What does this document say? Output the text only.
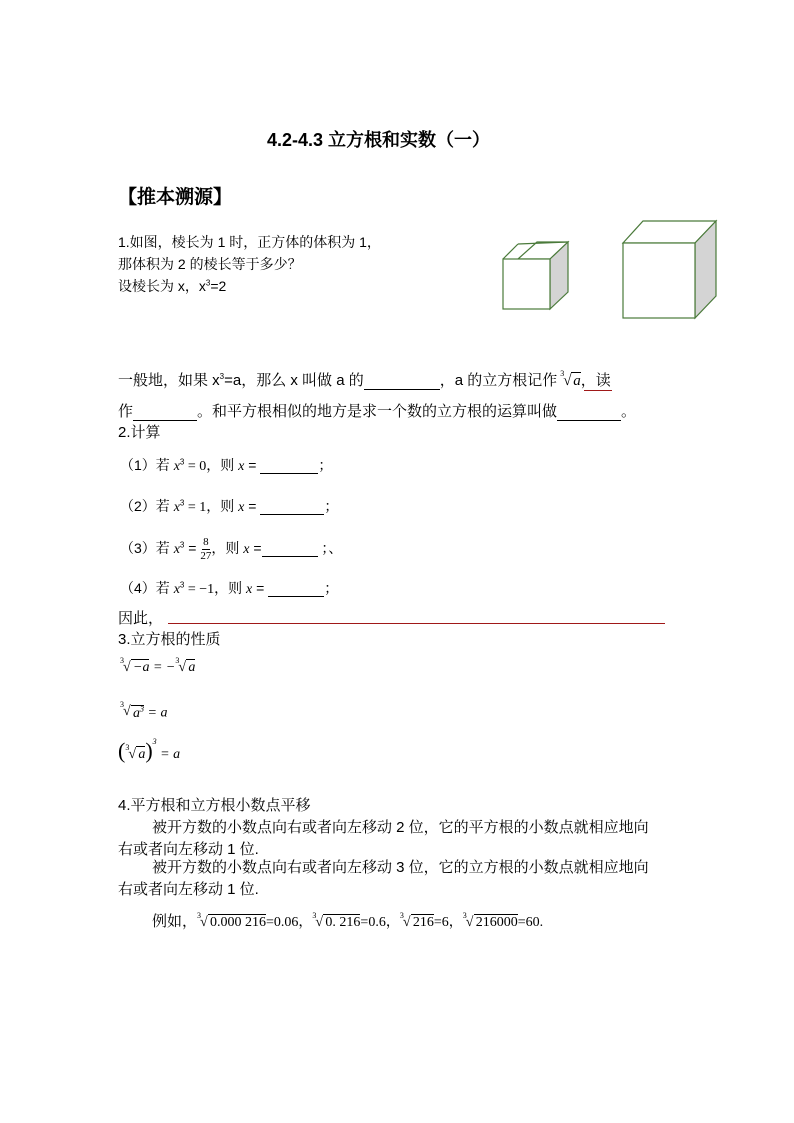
4.2-4.3 立方根和实数（一）
【推本溯源】
1.如图，棱长为 1 时，正方体的体积为 1，
那体积为 2 的棱长等于多少？
设棱长为 x，$x^3=2$
一般地，如果 $x^3=a$，那么 x 叫做 a 的	，a 的立方根记作 3 √ a，读
作	。和平方根相似的地方是求一个数的立方根的运算叫做	。
2.计算
（1）若 $x^3 = 0$，则 x =	；
（2）若 $x^3 = 1$，则 x =	；
（3）若 $x^3 = \frac{8}{27}$ ，则 x =	；、
（4）若 $x^3 = -1$，则 x =	；
因此，
3.立方根的性质
3 √ −a = − 3 √ a
3 √ $a^3 = a$
( 3 √ a)$^3$ = a
4.平方根和立方根小数点平移
被开方数的小数点向右或者向左移动 2 位，它的平方根的小数点就相应地向
右或者向左移动 1 位.
被开方数的小数点向右或者向左移动 3 位，它的立方根的小数点就相应地向
右或者向左移动 1 位.
例如， 3 √ 0.000 216=0.06， 3 √ 0. 216=0.6， 3 √ 216=6， 3 √ 216000=60.
